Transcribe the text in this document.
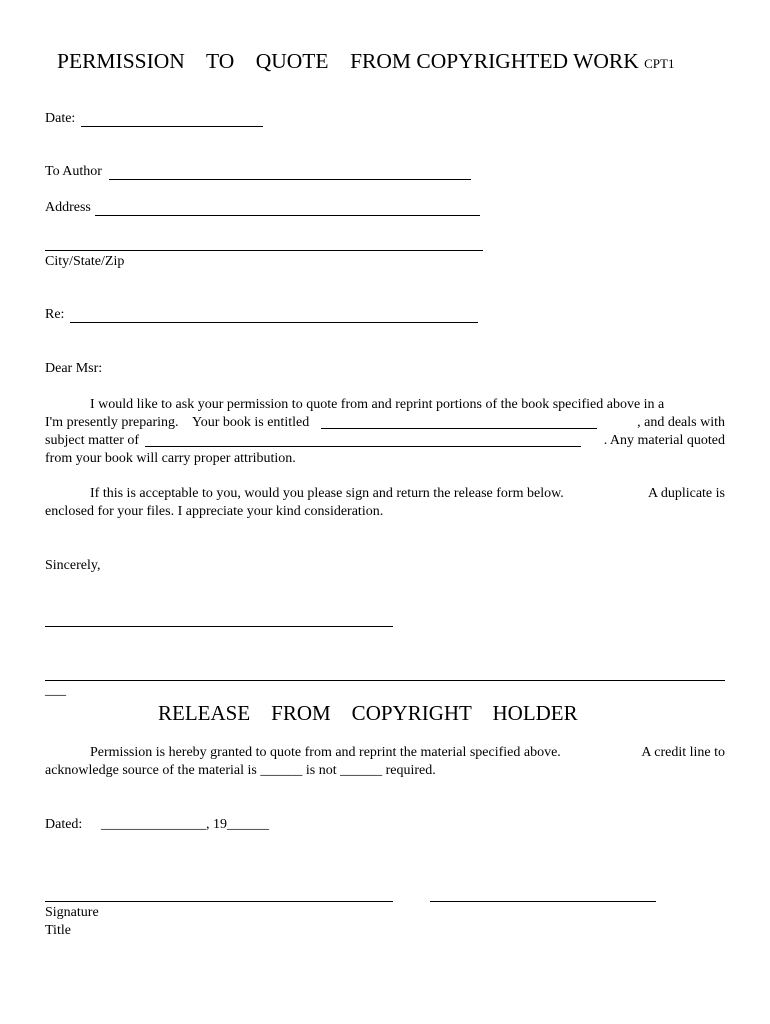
PERMISSION    TO    QUOTE    FROM COPYRIGHTED WORK CPT1
Date:
To Author
Address
City/State/Zip
Re:
Dear Msr:
I would like to ask your permission to quote from and reprint portions of the book specified above in a
I'm presently preparing.    Your book is entitled	, and deals with
subject matter of	. Any material quoted
from your book will carry proper attribution.
If this is acceptable to you, would you please sign and return the release form below.	A duplicate is
enclosed for your files. I appreciate your kind consideration.
Sincerely,
___
RELEASE    FROM    COPYRIGHT    HOLDER
Permission is hereby granted to quote from and reprint the material specified above.	A credit line to
acknowledge source of the material is ______ is not ______ required.
Dated: _______________, 19______
Signature
Title
